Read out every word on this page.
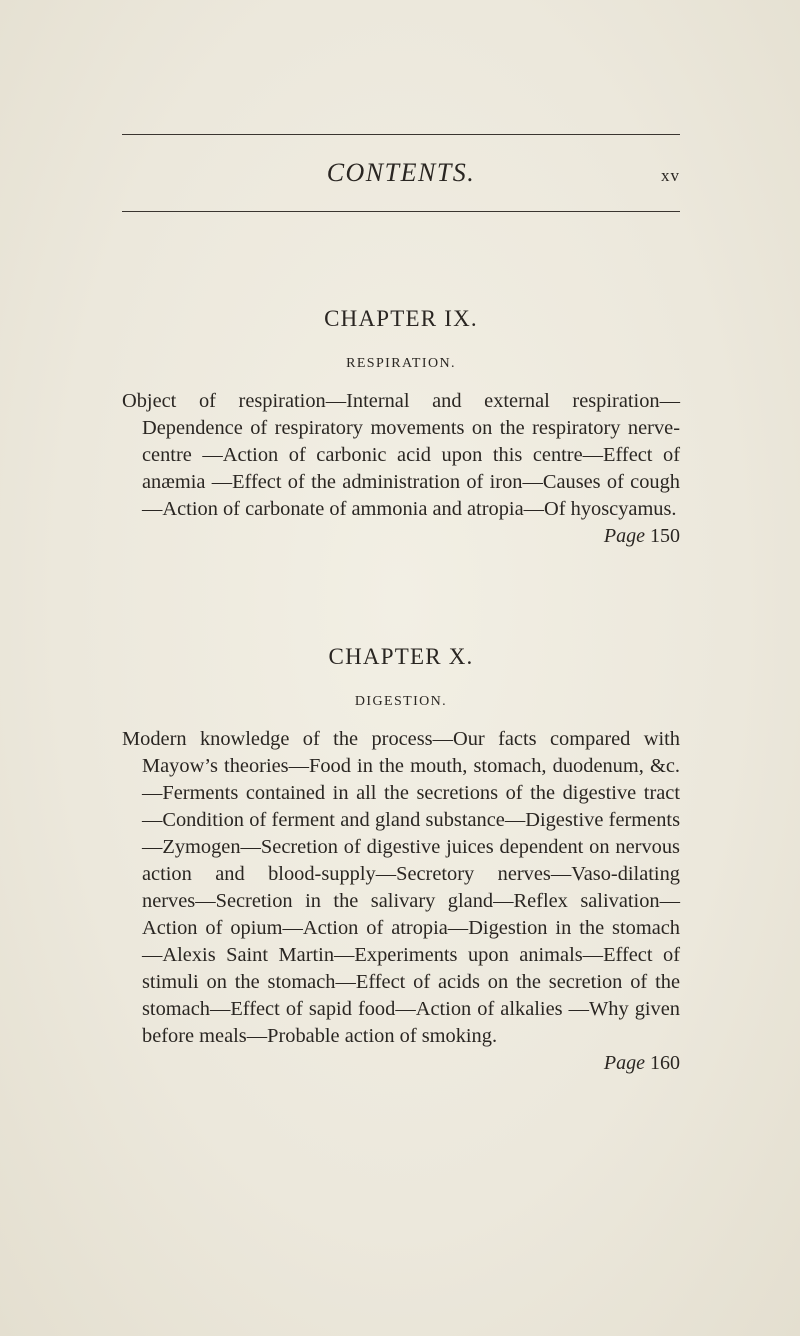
CONTENTS.	xv
CHAPTER IX.

RESPIRATION.

Object of respiration—Internal and external respiration—Dependence of respiratory movements on the respiratory nerve-centre —Action of carbonic acid upon this centre—Effect of anæmia —Effect of the administration of iron—Causes of cough—Action of carbonate of ammonia and atropia—Of hyoscyamus.

Page 150

CHAPTER X.

DIGESTION.

Modern knowledge of the process—Our facts compared with Mayow’s theories—Food in the mouth, stomach, duodenum, &c. —Ferments contained in all the secretions of the digestive tract —Condition of ferment and gland substance—Digestive ferments—Zymogen—Secretion of digestive juices dependent on nervous action and blood-supply—Secretory nerves—Vaso-dilating nerves—Secretion in the salivary gland—Reflex salivation—Action of opium—Action of atropia—Digestion in the stomach—Alexis Saint Martin—Experiments upon animals—Effect of stimuli on the stomach—Effect of acids on the secretion of the stomach—Effect of sapid food—Action of alkalies —Why given before meals—Probable action of smoking.

Page 160
